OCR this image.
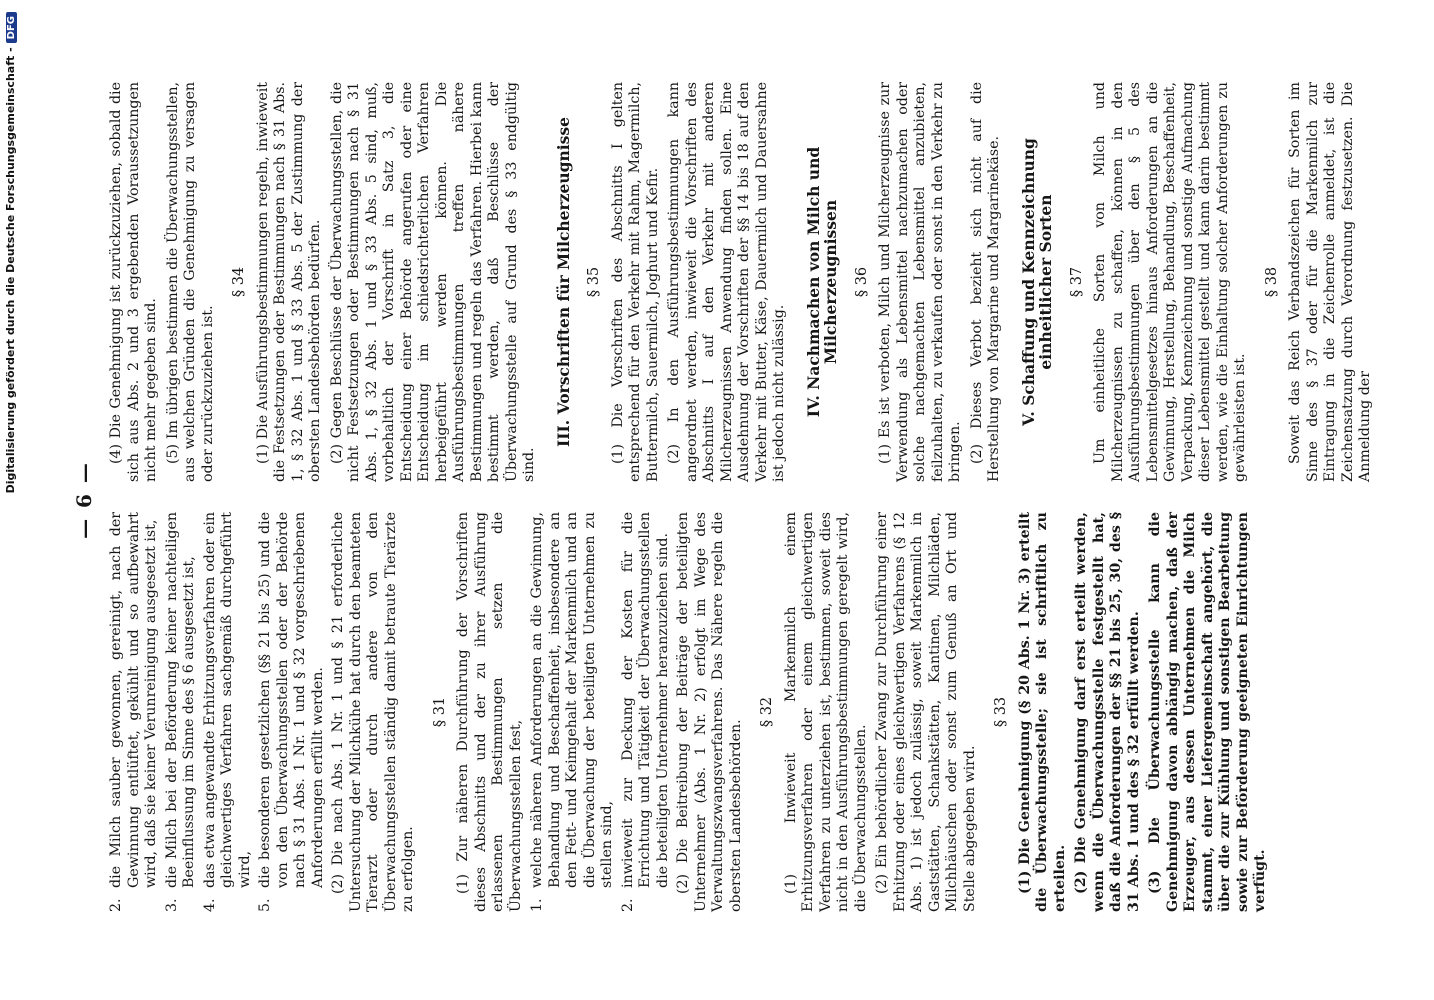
Digitalisierung gefördert durch die Deutsche Forschungsgemeinschaft -DFG
— 6 —
2.
die Milch sauber gewonnen, gereinigt, nach der Gewinnung entlüftet, gekühlt und so aufbewahrt wird, daß sie keiner Verunreinigung ausgesetzt ist,
3.
die Milch bei der Beförderung keiner nachteiligen Beeinflussung im Sinne des § 6 ausgesetzt ist,
4.
das etwa angewandte Erhitzungsverfahren oder ein gleichwertiges Verfahren sachgemäß durchgeführt wird,
5.
die besonderen gesetzlichen (§§ 21 bis 25) und die von den Überwachungsstellen oder der Behörde nach § 31 Abs. 1 Nr. 1 und § 32 vorgeschriebenen Anforderungen erfüllt werden. (2) Die nach Abs. 1 Nr. 1 und § 21 erforderliche Untersuchung der Milchkühe hat durch den beamteten Tierarzt oder durch andere von den Überwachungsstellen ständig damit betraute Tierärzte zu erfolgen.

§ 31 (1) Zur näheren Durchführung der Vorschriften dieses Abschnitts und der zu ihrer Ausführung erlassenen Bestimmungen setzen die Überwachungsstellen fest, 1.
welche näheren Anforderungen an die Gewinnung, Behandlung und Beschaffenheit, insbesondere an den Fett- und Keimgehalt der Markenmilch und an die Überwachung der beteiligten Unternehmen zu stellen sind,
2.
inwieweit zur Deckung der Kosten für die Errichtung und Tätigkeit der Überwachungsstellen die beteiligten Unternehmer heranzuziehen sind. (2) Die Beitreibung der Beiträge der beteiligten Unternehmer (Abs. 1 Nr. 2) erfolgt im Wege des Verwaltungszwangsverfahrens. Das Nähere regeln die obersten Landesbehörden.

§ 32 (1) Inwieweit Markenmilch einem Erhitzungsverfahren oder einem gleichwertigen Verfahren zu unterziehen ist, bestimmen, soweit dies nicht in den Ausführungsbestimmungen geregelt wird, die Überwachungsstellen. (2) Ein behördlicher Zwang zur Durchführung einer Erhitzung oder eines gleichwertigen Verfahrens (§ 12 Abs. 1) ist jedoch zulässig, soweit Markenmilch in Gaststätten, Schankstätten, Kantinen, Milchläden, Milchhäuschen oder sonst zum Genuß an Ort und Stelle abgegeben wird.

§ 33 (1) Die Genehmigung (§ 20 Abs. 1 Nr. 3) erteilt die Überwachungsstelle; sie ist schriftlich zu erteilen. (2) Die Genehmigung darf erst erteilt werden, wenn die Überwachungsstelle festgestellt hat, daß die Anforderungen der §§ 21 bis 25, 30, des § 31 Abs. 1 und des § 32 erfüllt werden. (3) Die Überwachungsstelle kann die Genehmigung davon abhängig machen, daß der Erzeuger, aus dessen Unternehmen die Milch stammt, einer Liefergemeinschaft angehört, die über die zur Kühlung und sonstigen Bearbeitung sowie zur Beförderung geeigneten Einrichtungen verfügt.

(4) Die Genehmigung ist zurückzuziehen, sobald die sich aus Abs. 2 und 3 ergebenden Voraussetzungen nicht mehr gegeben sind. (5) Im übrigen bestimmen die Überwachungsstellen, aus welchen Gründen die Genehmigung zu versagen oder zurückzuziehen ist.

§ 34 (1) Die Ausführungsbestimmungen regeln, inwieweit die Festsetzungen oder Bestimmungen nach § 31 Abs. 1, § 32 Abs. 1 und § 33 Abs. 5 der Zustimmung der obersten Landesbehörden bedürfen. (2) Gegen Beschlüsse der Überwachungsstellen, die nicht Festsetzungen oder Bestimmungen nach § 31 Abs. 1, § 32 Abs. 1 und § 33 Abs. 5 sind, muß, vorbehaltlich der Vorschrift in Satz 3, die Entscheidung einer Behörde angerufen oder eine Entscheidung im schiedsrichterlichen Verfahren herbeigeführt werden können. Die Ausführungsbestimmungen treffen nähere Bestimmungen und regeln das Verfahren. Hierbei kann bestimmt werden, daß Beschlüsse der Überwachungsstelle auf Grund des § 33 endgültig sind.

III. Vorschriften für Milcherzeugnisse § 35 (1) Die Vorschriften des Abschnitts I gelten entsprechend für den Verkehr mit Rahm, Magermilch, Buttermilch, Sauermilch, Joghurt und Kefir. (2) In den Ausführungsbestimmungen kann angeordnet werden, inwieweit die Vorschriften des Abschnitts I auf den Verkehr mit anderen Milcherzeugnissen Anwendung finden sollen. Eine Ausdehnung der Vorschriften der §§ 14 bis 18 auf den Verkehr mit Butter, Käse, Dauermilch und Dauersahne ist jedoch nicht zulässig. IV. Nachmachen von Milch und Milcherzeugnissen § 36 (1) Es ist verboten, Milch und Milcherzeugnisse zur Verwendung als Lebensmittel nachzumachen oder solche nachgemachten Lebensmittel anzubieten, feilzuhalten, zu verkaufen oder sonst in den Verkehr zu bringen. (2) Dieses Verbot bezieht sich nicht auf die Herstellung von Margarine und Margarinekäse. V. Schaffung und Kennzeichnung einheitlicher Sorten § 37 Um einheitliche Sorten von Milch und Milcherzeugnissen zu schaffen, können in den Ausführungsbestimmungen über den § 5 des Lebensmittelgesetzes hinaus Anforderungen an die Gewinnung, Herstellung, Behandlung, Beschaffenheit, Verpackung, Kennzeichnung und sonstige Aufmachung dieser Lebensmittel gestellt und kann darin bestimmt werden, wie die Einhaltung solcher Anforderungen zu gewährleisten ist.

§ 38 Soweit das Reich Verbandszeichen für Sorten im Sinne des § 37 oder für die Markenmilch zur Eintragung in die Zeichenrolle anmeldet, ist die Zeichensatzung durch Verordnung festzusetzen. Die Anmeldung der
